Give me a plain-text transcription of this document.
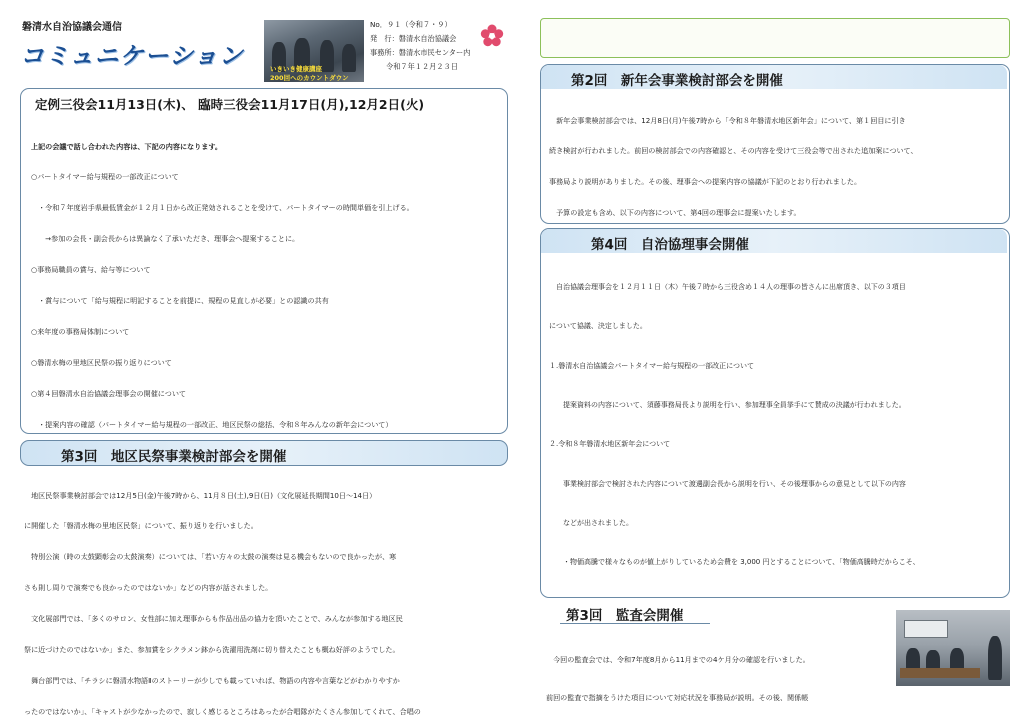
磐清水自治協議会通信
コミュニケーション	いきいき健康講座
200回へのカウントダウン
No．９１（令和７・９）
発　行：磐清水自治協議会
事務所：磐清水市民センター内
令和７年１２月２３日
定例三役会11月13日(木)、 臨時三役会11月17日(月),12月2日(火)

上記の会議で話し合われた内容は、下記の内容になります。

○パートタイマー給与規程の一部改正について

　・令和７年度岩手県最低賃金が１２月１日から改正発効されることを受けて、パートタイマーの時間単価を引上げる。

　　→参加の会長・副会長からは異論なく了承いただき、理事会へ提案することに。

○事務局職員の賞与、給与等について

　・賞与について「給与規程に明記することを前提に、規程の見直しが必要」との認識の共有

○来年度の事務局体制について

○磐清水梅の里地区民祭の振り返りについて

○第４回磐清水自治協議会理事会の開催について

　・提案内容の確認（パートタイマー給与規程の一部改正、地区民祭の総括、令和８年みんなの新年会について）

第3回　地区民祭事業検討部会を開催

　地区民祭事業検討部会では12月5日(金)午後7時から、11月８日(土),9日(日)（文化展延長期間10日～14日）

に開催した「磐清水梅の里地区民祭」について、振り返りを行いました。

　特別公演（時の太鼓顕彰会の太鼓演奏）については、「若い方々の太鼓の演奏は見る機会もないので良かったが、寒

さも則し周りで演奏でも良かったのではないか」などの内容が話されました。

　文化展部門では、「多くのサロン、女性部に加え理事からも作品出品の協力を頂いたことで、みんなが参加する地区民

祭に近づけたのではないか」また、参加賞をシクラメン鉢から洗濯用洗剤に切り替えたことも概ね好評のようでした。

　舞台部門では、「チラシに磐清水物語Ⅱのストーリーが少しでも載っていれば、物語の内容や言葉などがわかりやすか

ったのではないか」、「キャストが少なかったので、寂しく感じるところはあったが合唱隊がたくさん参加してくれて、合唱の

第2回　新年会事業検討部会を開催

　新年会事業検討部会では、12月8日(月)午後7時から「令和８年磐清水地区新年会」について、第１回目に引き

続き検討が行われました。前回の検討部会での内容確認と、その内容を受けて三役会等で出された追加案について、

事務局より説明がありました。その後、理事会への提案内容の協議が下記のとおり行われました。

　予算の設定も含め、以下の内容について、第4回の理事会に提案いたします。

第4回　自治協理事会開催

　自治協議会理事会を１２月１１日（木）午後７時から三役含め１４人の理事の皆さんに出席頂き、以下の３項目

について協議、決定しました。

１.磐清水自治協議会パートタイマー給与規程の一部改正について

　　提案資料の内容について、須藤事務局長より説明を行い、参加理事全員挙手にて賛成の決議が行われました。

２.令和８年磐清水地区新年会について

　　事業検討部会で検討された内容について渡邊副会長から説明を行い、その後理事からの意見として以下の内容

　　などが出されました。

　　・物価高騰で様々なものが値上がりしているため会費を 3,000 円とすることについて、「物価高騰時だからこそ、

第3回　監査会開催

　今回の監査会では、令和7年度8月から11月までの4ケ月分の確認を行いました。

前回の監査で指摘をうけた項目について対応状況を事務局が説明。その後、関係帳
